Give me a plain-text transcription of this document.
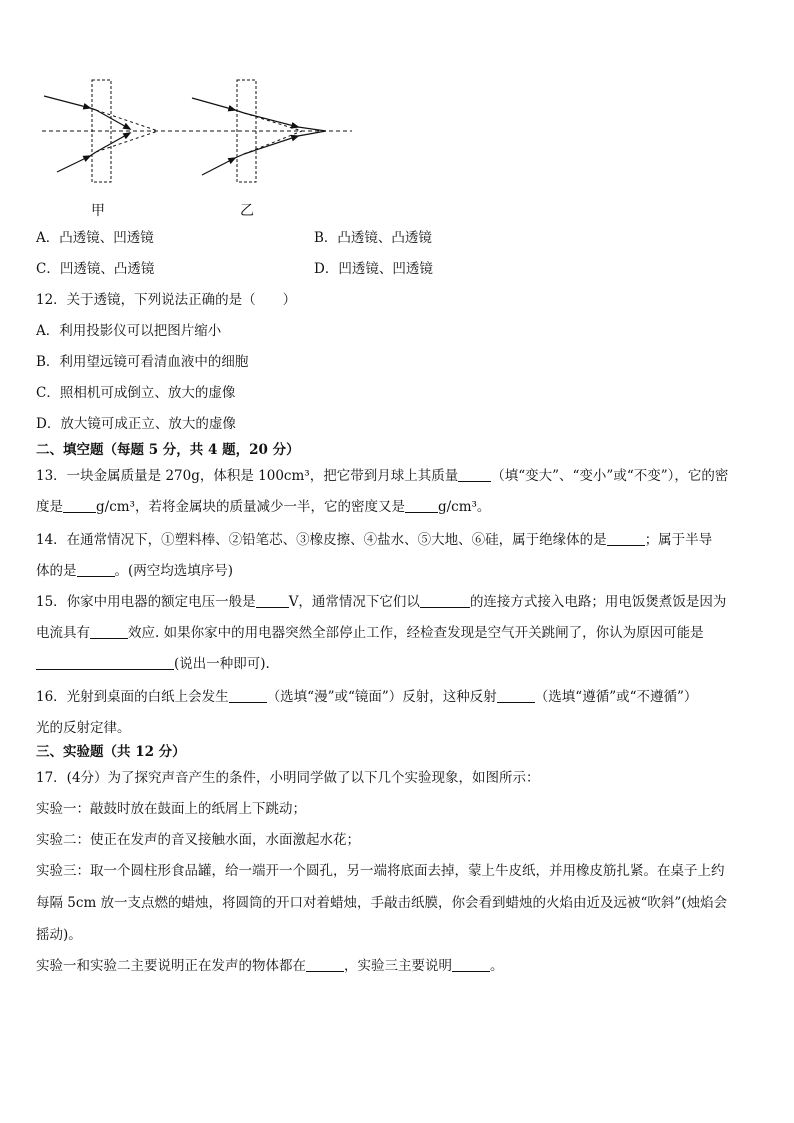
甲	乙
A．凸透镜、凹透镜	B．凸透镜、凸透镜
C．凹透镜、凸透镜	D．凹透镜、凹透镜
12．关于透镜，下列说法正确的是（　　）
A．利用投影仪可以把图片缩小
B．利用望远镜可看清血液中的细胞
C．照相机可成倒立、放大的虚像
D．放大镜可成正立、放大的虚像
二、填空题（每题 5 分，共 4 题，20 分）
13．一块金属质量是 270g，体积是 100cm³，把它带到月球上其质量 （填“变大”、“变小”或“不变”），它的密
度是 g/cm³，若将金属块的质量减少一半，它的密度又是 g/cm³。
14．在通常情况下，①塑料棒、②铅笔芯、③橡皮擦、④盐水、⑤大地、⑥硅，属于绝缘体的是	；属于半导
体的是	。(两空均选填序号)
15．你家中用电器的额定电压一般是 V，通常情况下它们以	的连接方式接入电路；用电饭煲煮饭是因为
电流具有	效应. 如果你家中的用电器突然全部停止工作，经检查发现是空气开关跳闸了，你认为原因可能是
(说出一种即可).
16．光射到桌面的白纸上会发生	（选填“漫”或“镜面”）反射，这种反射	（选填“遵循”或“不遵循”）
光的反射定律。
三、实验题（共 12 分）
17．(4分）为了探究声音产生的条件，小明同学做了以下几个实验现象，如图所示：
实验一：敲鼓时放在鼓面上的纸屑上下跳动；
实验二：使正在发声的音叉接触水面，水面激起水花；
实验三：取一个圆柱形食品罐，给一端开一个圆孔，另一端将底面去掉，蒙上牛皮纸，并用橡皮筋扎紧。在桌子上约
每隔 5cm 放一支点燃的蜡烛，将圆筒的开口对着蜡烛，手敲击纸膜，你会看到蜡烛的火焰由近及远被“吹斜”(烛焰会
摇动)。
实验一和实验二主要说明正在发声的物体都在	，实验三主要说明	。
